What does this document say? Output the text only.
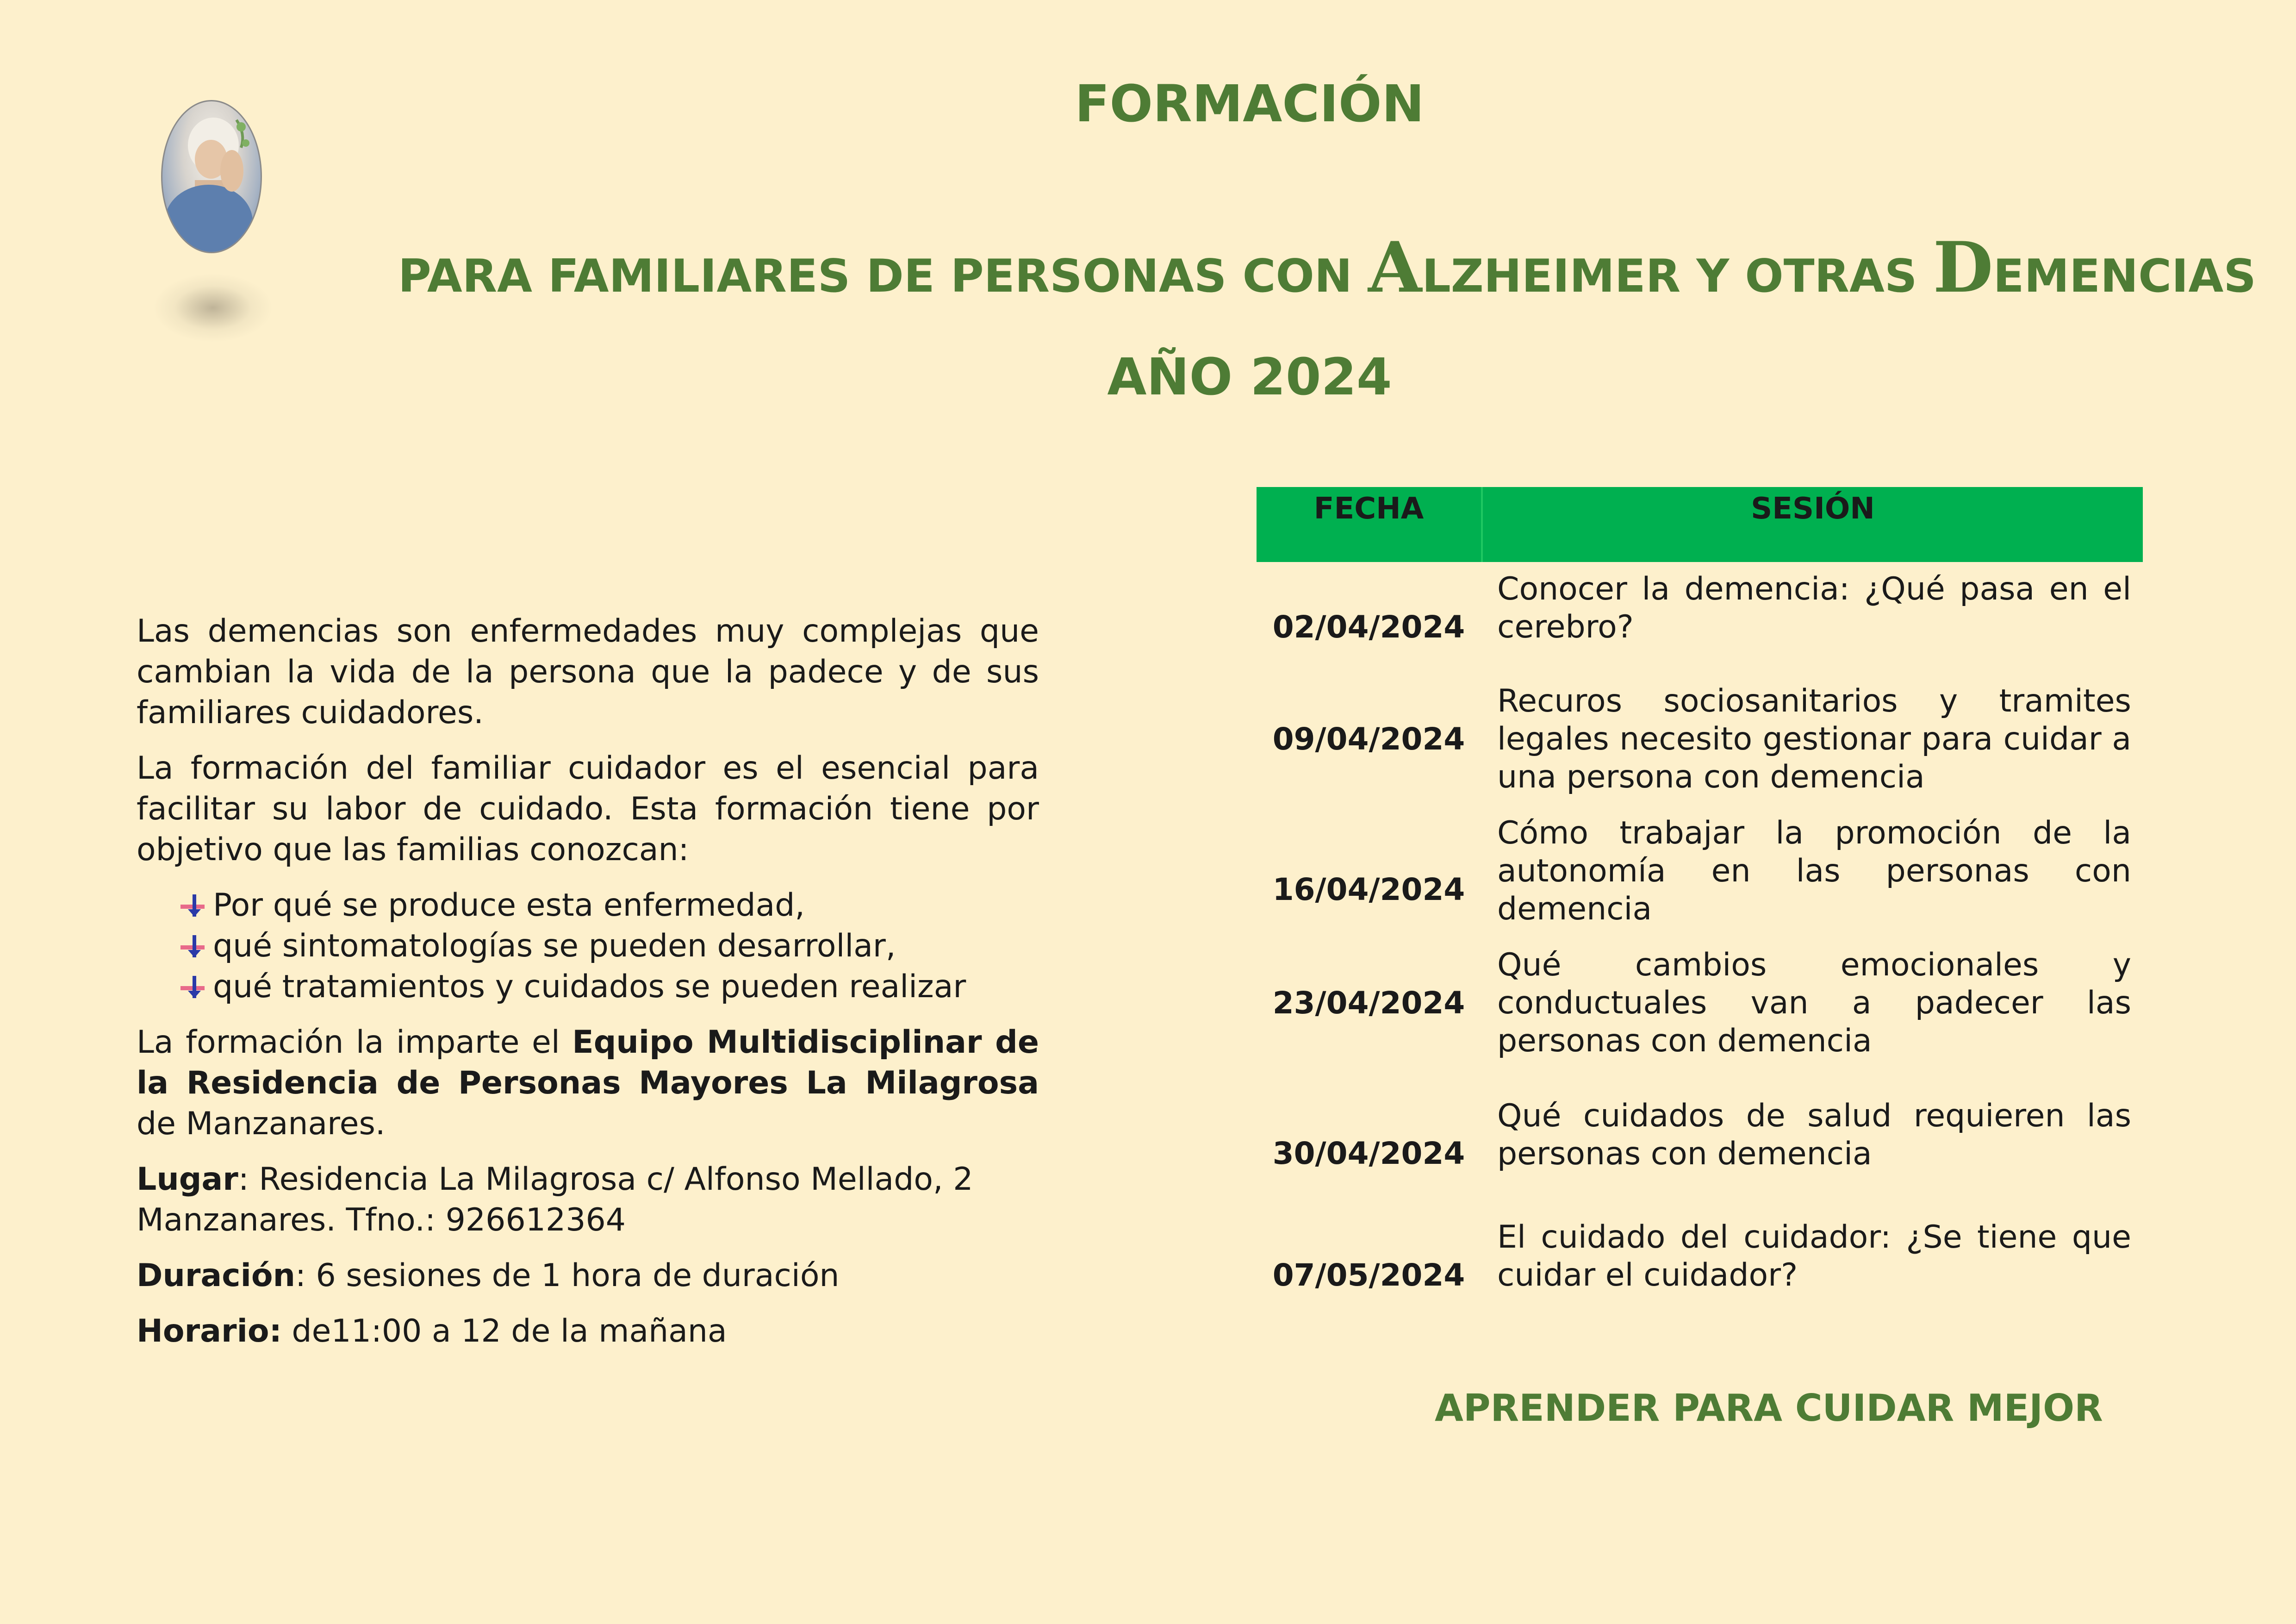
FORMACIÓN
PARA FAMILIARES DE PERSONAS CON ALZHEIMER Y OTRAS DEMENCIAS
AÑO 2024

Las demencias son enfermedades muy complejas que cambian la vida de la persona que la padece y de sus familiares cuidadores.

La formación del familiar cuidador es el esencial para facilitar su labor de cuidado. Esta formación tiene por objetivo que las familias conozcan:

Por qué se produce esta enfermedad,
qué sintomatologías se pueden desarrollar,
qué tratamientos y cuidados se pueden realizar

La formación la imparte el Equipo Multidisciplinar de la Residencia de Personas Mayores La Milagrosa de Manzanares.

Lugar: Residencia La Milagrosa c/ Alfonso Mellado, 2 Manzanares. Tfno.: 926612364

Duración: 6 sesiones de 1 hora de duración

Horario: de11:00 a 12 de la mañana

FECHA	SESIÓN
02/04/2024
Conocer la demencia: ¿Qué pasa en el cerebro?
09/04/2024
Recuros sociosanitarios y tramites legales necesito gestionar para cuidar a una persona con demencia
16/04/2024
Cómo trabajar la promoción de la autonomía en las personas con demencia
23/04/2024
Qué cambios emocionales y conductuales van a padecer las personas con demencia
30/04/2024
Qué cuidados de salud requieren las personas con demencia
07/05/2024
El cuidado del cuidador: ¿Se tiene que cuidar el cuidador?
APRENDER PARA CUIDAR MEJOR
